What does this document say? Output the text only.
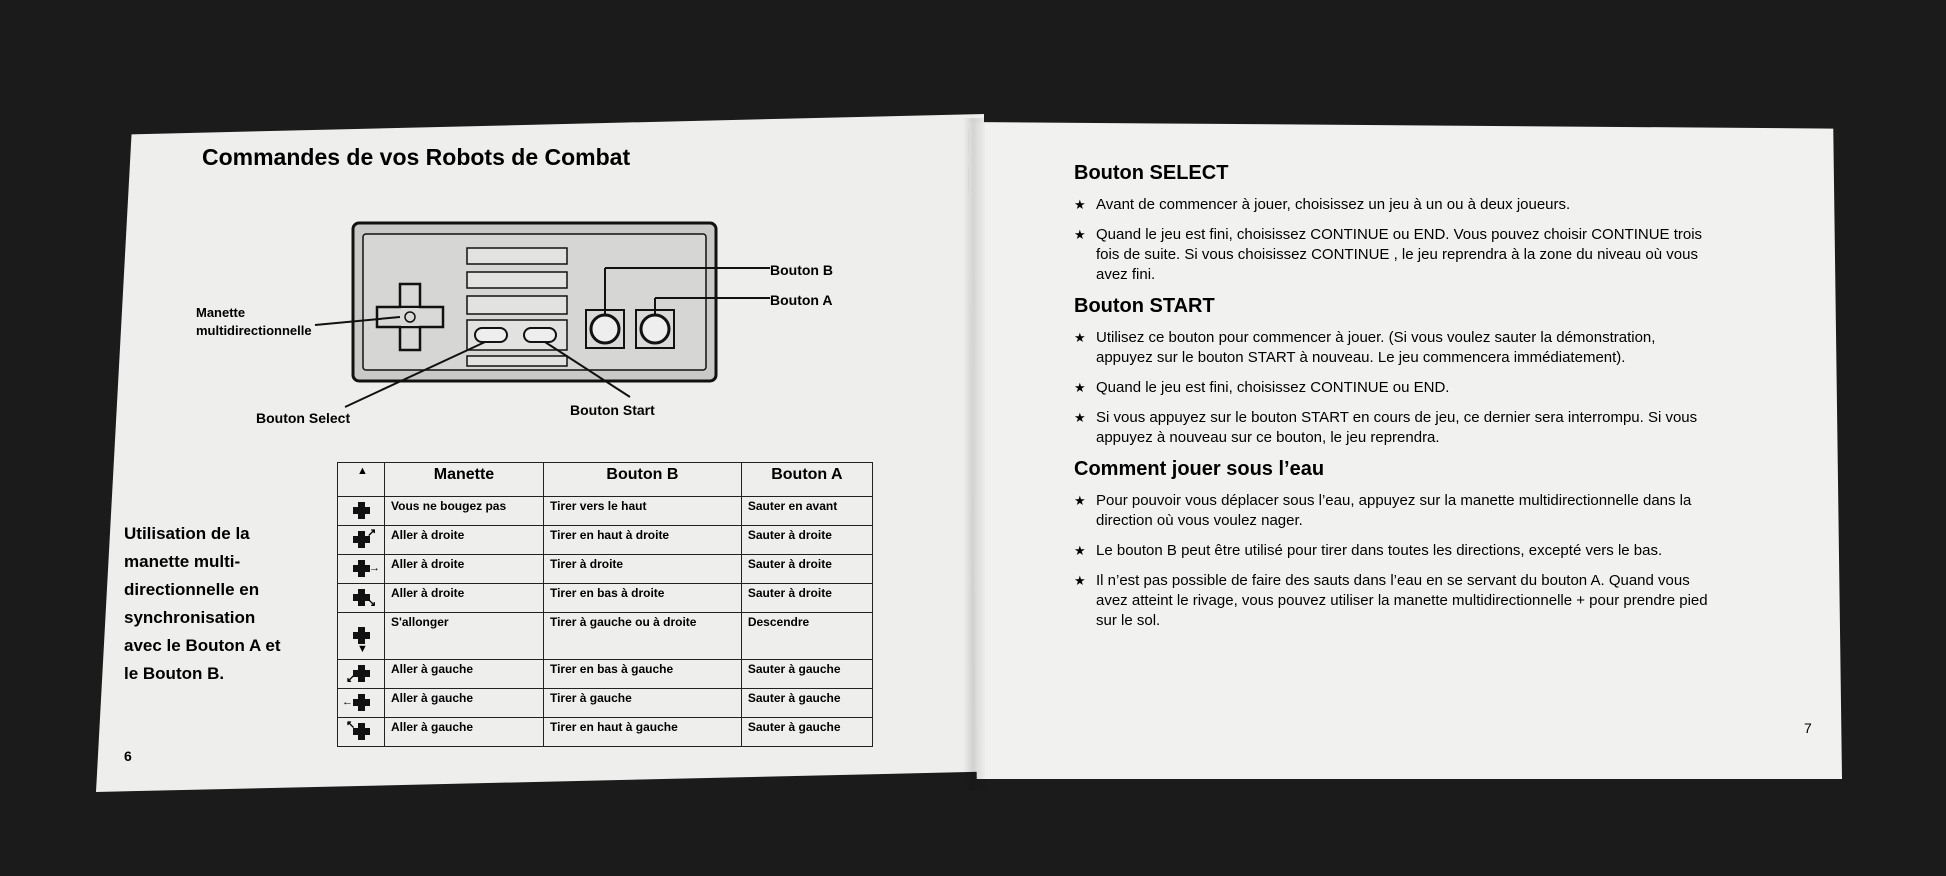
Commandes de vos Robots de Combat
Bouton B
Bouton A
Manette
multidirectionnelle
Bouton Select	Bouton Start
Utilisation de la manette multi-directionnelle en synchronisation avec le Bouton A et le Bouton B.
▲	Manette	Bouton B	Bouton A

	Vous ne bougez pas	Tirer vers le haut	Sauter en avant

↗	Aller à droite	Tirer en haut à droite	Sauter à droite

→	Aller à droite	Tirer à droite	Sauter à droite

↘	Aller à droite	Tirer en bas à droite	Sauter à droite

▼	S'allonger	Tirer à gauche ou à droite	Descendre

↙	Aller à gauche	Tirer en bas à gauche	Sauter à gauche

←	Aller à gauche	Tirer à gauche	Sauter à gauche

↖	Aller à gauche	Tirer en haut à gauche	Sauter à gauche
6
Bouton SELECT
★ Avant de commencer à jouer, choisissez un jeu à un ou à deux joueurs.
★ Quand le jeu est fini, choisissez CONTINUE ou END. Vous pouvez choisir CONTINUE trois fois de suite. Si vous choisissez CONTINUE , le jeu reprendra à la zone du niveau où vous avez fini.
Bouton START
★ Utilisez ce bouton pour commencer à jouer. (Si vous voulez sauter la démonstration, appuyez sur le bouton START à nouveau. Le jeu commencera immédiatement).
★ Quand le jeu est fini, choisissez CONTINUE ou END.
★ Si vous appuyez sur le bouton START en cours de jeu, ce dernier sera interrompu. Si vous appuyez à nouveau sur ce bouton, le jeu reprendra.
Comment jouer sous l’eau
★ Pour pouvoir vous déplacer sous l’eau, appuyez sur la manette multidirectionnelle dans la direction où vous voulez nager.
★ Le bouton B peut être utilisé pour tirer dans toutes les directions, excepté vers le bas.
★ Il n’est pas possible de faire des sauts dans l’eau en se servant du bouton A. Quand vous avez atteint le rivage, vous pouvez utiliser la manette multidirectionnelle + pour prendre pied sur le sol.
7
